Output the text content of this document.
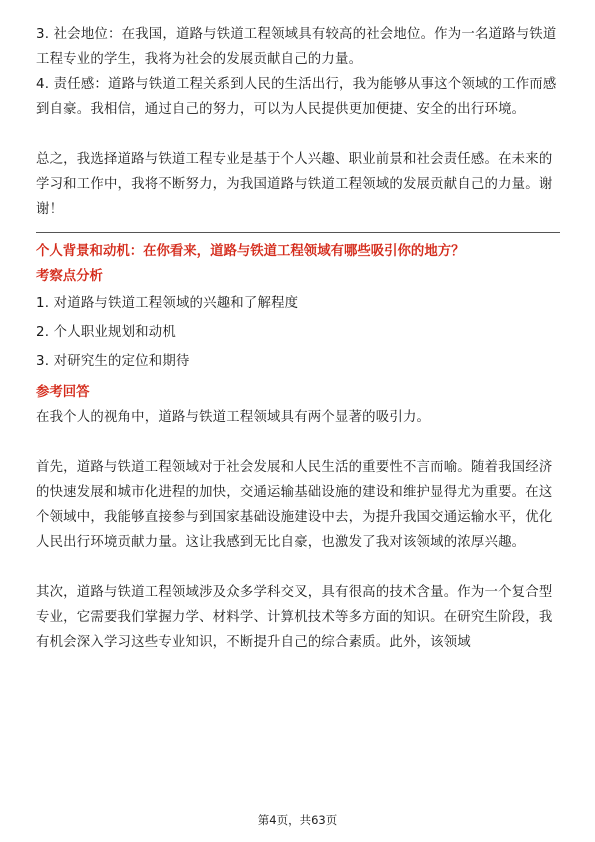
3. 社会地位：在我国，道路与铁道工程领域具有较高的社会地位。作为一名道路与铁道工程专业的学生，我将为社会的发展贡献自己的力量。

4. 责任感：道路与铁道工程关系到人民的生活出行，我为能够从事这个领域的工作而感到自豪。我相信，通过自己的努力，可以为人民提供更加便捷、安全的出行环境。

总之，我选择道路与铁道工程专业是基于个人兴趣、职业前景和社会责任感。在未来的学习和工作中，我将不断努力，为我国道路与铁道工程领域的发展贡献自己的力量。谢谢！

个人背景和动机：在你看来，道路与铁道工程领域有哪些吸引你的地方？

考察点分析

1. 对道路与铁道工程领域的兴趣和了解程度

2. 个人职业规划和动机

3. 对研究生的定位和期待

参考回答

在我个人的视角中，道路与铁道工程领域具有两个显著的吸引力。

首先，道路与铁道工程领域对于社会发展和人民生活的重要性不言而喻。随着我国经济的快速发展和城市化进程的加快，交通运输基础设施的建设和维护显得尤为重要。在这个领域中，我能够直接参与到国家基础设施建设中去，为提升我国交通运输水平，优化人民出行环境贡献力量。这让我感到无比自豪，也激发了我对该领域的浓厚兴趣。

其次，道路与铁道工程领域涉及众多学科交叉，具有很高的技术含量。作为一个复合型专业，它需要我们掌握力学、材料学、计算机技术等多方面的知识。在研究生阶段，我有机会深入学习这些专业知识，不断提升自己的综合素质。此外，该领域

第4页，共63页
